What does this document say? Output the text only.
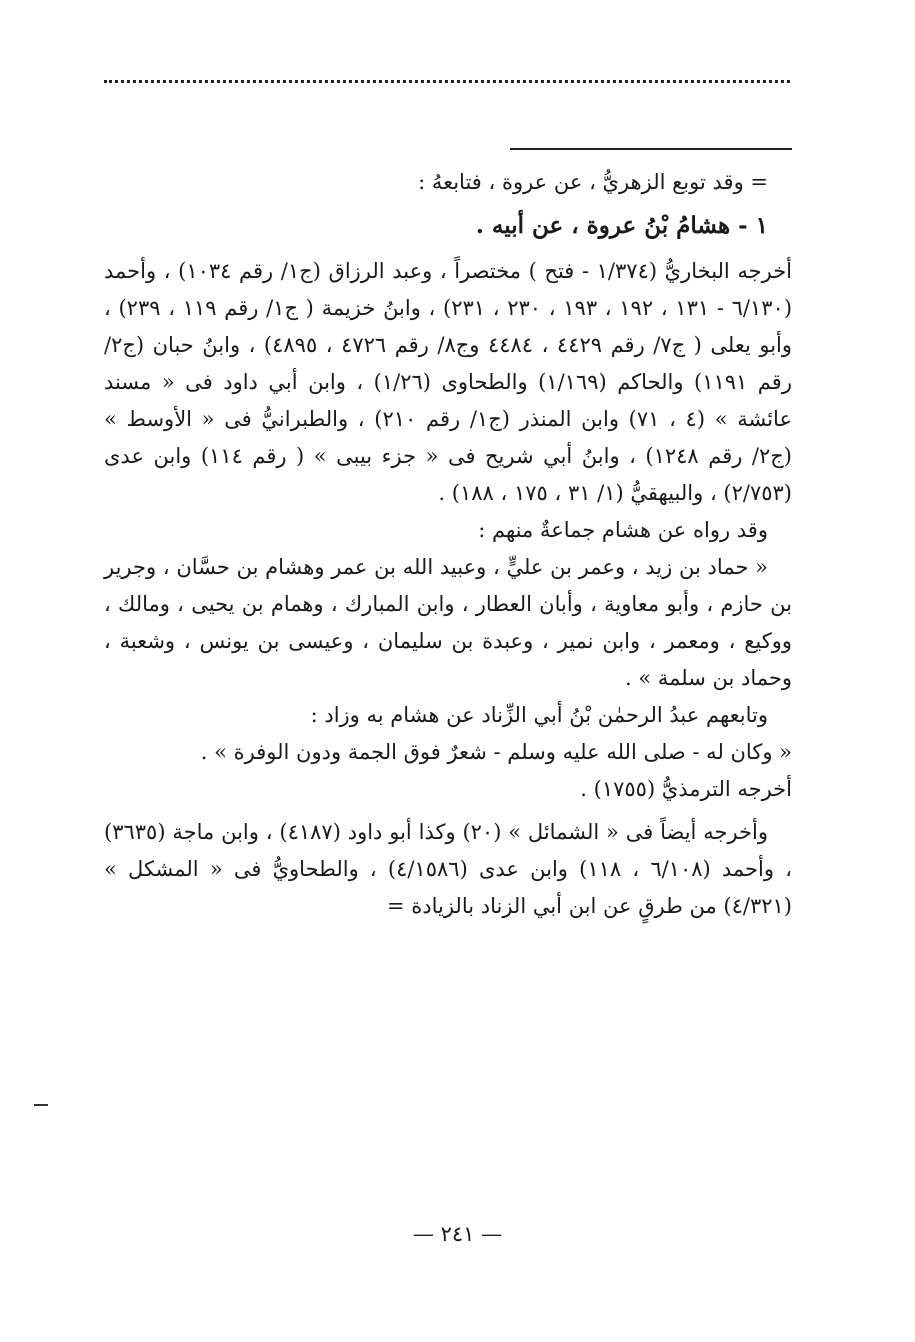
= وقد توبع الزهريُّ ، عن عروة ، فتابعهُ :

١ - هشامُ بْنُ عروة ، عن أبيه .

أخرجه البخاريُّ (١/٣٧٤ - فتح ) مختصراً ، وعبد الرزاق (ج١/ رقم ١٠٣٤) ، وأحمد (٦/١٣٠ - ١٣١ ، ١٩٢ ، ١٩٣ ، ٢٣٠ ، ٢٣١) ، وابنُ خزيمة ( ج١/ رقم ١١٩ ، ٢٣٩) ، وأبو يعلى ( ج٧/ رقم ٤٤٢٩ ، ٤٤٨٤ وج٨/ رقم ٤٧٢٦ ، ٤٨٩٥) ، وابنُ حبان (ج٢/ رقم ١١٩١) والحاكم (١/١٦٩) والطحاوى (١/٢٦) ، وابن أبي داود فى « مسند عائشة » (٤ ، ٧١) وابن المنذر (ج١/ رقم ٢١٠) ، والطبرانيُّ فى « الأوسط » (ج٢/ رقم ١٢٤٨) ، وابنُ أبي شريح فى « جزء بيبى » ( رقم ١١٤) وابن عدى (٢/٧٥٣) ، والبيهقيُّ (١/ ٣١ ، ١٧٥ ، ١٨٨) .

وقد رواه عن هشام جماعةٌ منهم :

« حماد بن زيد ، وعمر بن عليٍّ ، وعبيد الله بن عمر وهشام بن حسَّان ، وجرير بن حازم ، وأبو معاوية ، وأبان العطار ، وابن المبارك ، وهمام بن يحيى ، ومالك ، ووكيع ، ومعمر ، وابن نمير ، وعبدة بن سليمان ، وعيسى بن يونس ، وشعبة ، وحماد بن سلمة » .

وتابعهم عبدُ الرحمٰن بْنُ أبي الزِّناد عن هشام به وزاد :

« وكان له - صلى الله عليه وسلم - شعرٌ فوق الجمة ودون الوفرة » .

أخرجه الترمذيُّ (١٧٥٥) .

وأخرجه أيضاً فى « الشمائل » (٢٠) وكذا أبو داود (٤١٨٧) ، وابن ماجة (٣٦٣٥) ، وأحمد (٦/١٠٨ ، ١١٨) وابن عدى (٤/١٥٨٦) ، والطحاويُّ فى « المشكل » (٤/٣٢١) من طرقٍ عن ابن أبي الزناد بالزيادة =

— ٢٤١ —
